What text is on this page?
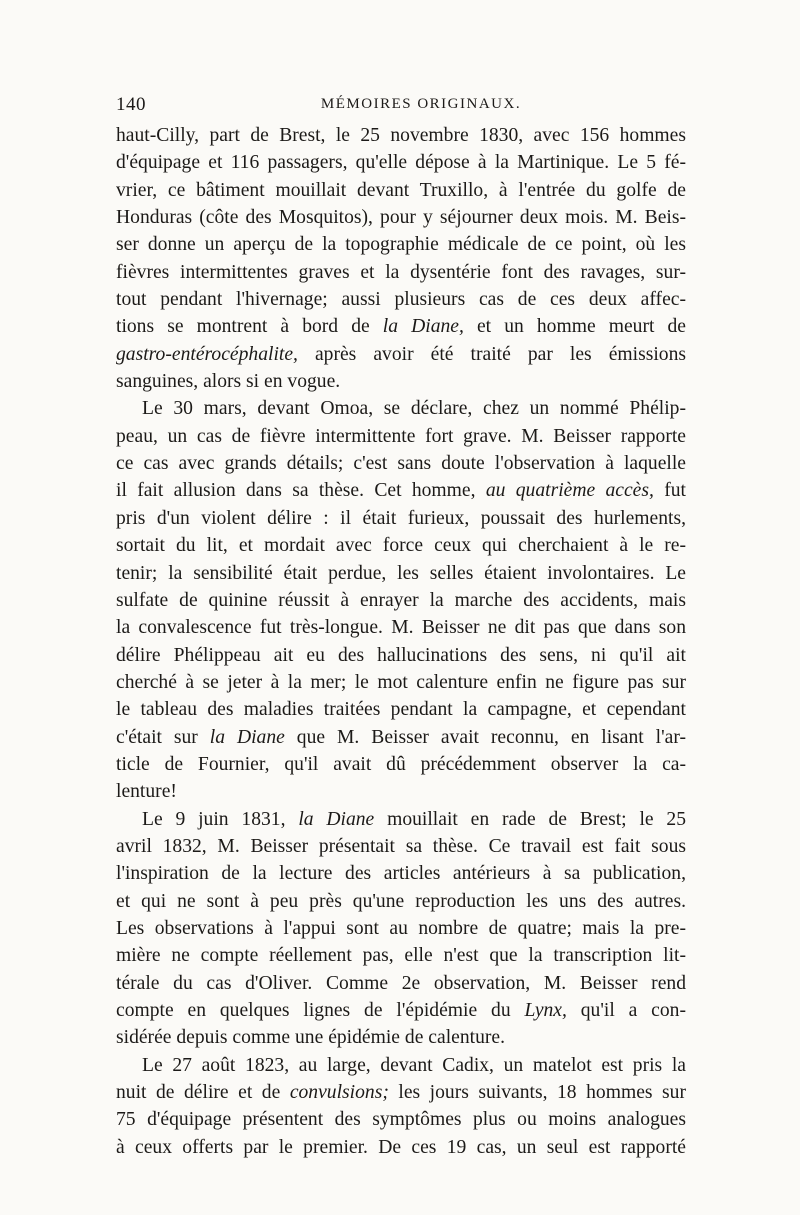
140	MÉMOIRES ORIGINAUX.
haut-Cilly, part de Brest, le 25 novembre 1830, avec 156 hommes
d'équipage et 116 passagers, qu'elle dépose à la Martinique. Le 5 fé-
vrier, ce bâtiment mouillait devant Truxillo, à l'entrée du golfe de
Honduras (côte des Mosquitos), pour y séjourner deux mois. M. Beis-
ser donne un aperçu de la topographie médicale de ce point, où les
fièvres intermittentes graves et la dysentérie font des ravages, sur-
tout pendant l'hivernage; aussi plusieurs cas de ces deux affec-
tions se montrent à bord de la Diane, et un homme meurt de
gastro-entérocéphalite, après avoir été traité par les émissions
sanguines, alors si en vogue.
Le 30 mars, devant Omoa, se déclare, chez un nommé Phélip-
peau, un cas de fièvre intermittente fort grave. M. Beisser rapporte
ce cas avec grands détails; c'est sans doute l'observation à laquelle
il fait allusion dans sa thèse. Cet homme, au quatrième accès, fut
pris d'un violent délire : il était furieux, poussait des hurlements,
sortait du lit, et mordait avec force ceux qui cherchaient à le re-
tenir; la sensibilité était perdue, les selles étaient involontaires. Le
sulfate de quinine réussit à enrayer la marche des accidents, mais
la convalescence fut très-longue. M. Beisser ne dit pas que dans son
délire Phélippeau ait eu des hallucinations des sens, ni qu'il ait
cherché à se jeter à la mer; le mot calenture enfin ne figure pas sur
le tableau des maladies traitées pendant la campagne, et cependant
c'était sur la Diane que M. Beisser avait reconnu, en lisant l'ar-
ticle de Fournier, qu'il avait dû précédemment observer la ca-
lenture!
Le 9 juin 1831, la Diane mouillait en rade de Brest; le 25
avril 1832, M. Beisser présentait sa thèse. Ce travail est fait sous
l'inspiration de la lecture des articles antérieurs à sa publication,
et qui ne sont à peu près qu'une reproduction les uns des autres.
Les observations à l'appui sont au nombre de quatre; mais la pre-
mière ne compte réellement pas, elle n'est que la transcription lit-
térale du cas d'Oliver. Comme 2e observation, M. Beisser rend
compte en quelques lignes de l'épidémie du Lynx, qu'il a con-
sidérée depuis comme une épidémie de calenture.
Le 27 août 1823, au large, devant Cadix, un matelot est pris la
nuit de délire et de convulsions; les jours suivants, 18 hommes sur
75 d'équipage présentent des symptômes plus ou moins analogues
à ceux offerts par le premier. De ces 19 cas, un seul est rapporté
